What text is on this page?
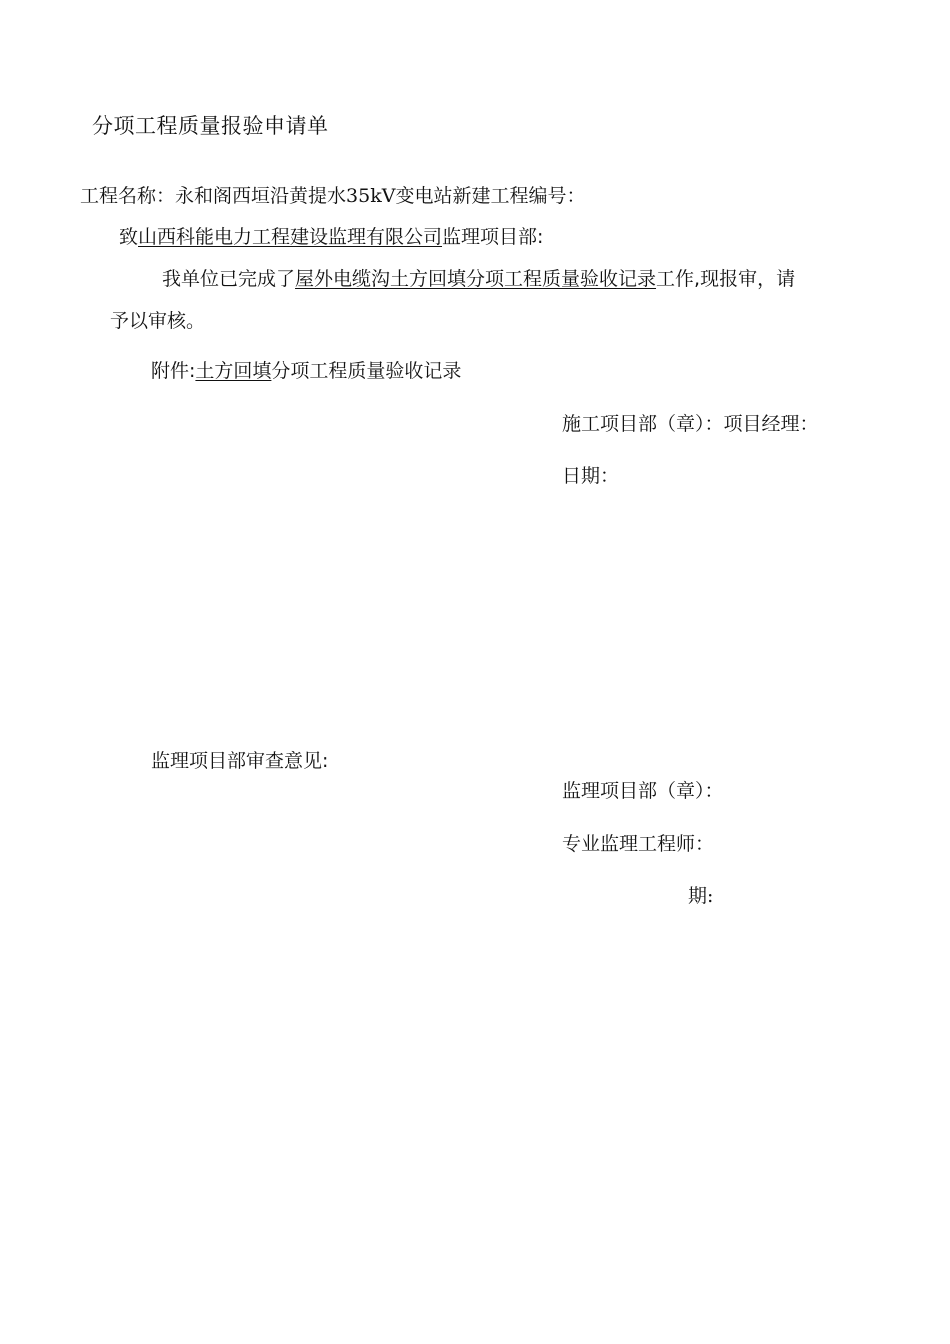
分项工程质量报验申请单
工程名称：永和阁西垣沿黄提水35kV变电站新建工程编号：
致山西科能电力工程建设监理有限公司监理项目部:
我单位已完成了屋外电缆沟土方回填分项工程质量验收记录工作,现报审，请
予以审核。
附件:土方回填分项工程质量验收记录
施工项目部（章）：项目经理：
日期：
监理项目部审查意见:
监理项目部（章）：
专业监理工程师：
期:
